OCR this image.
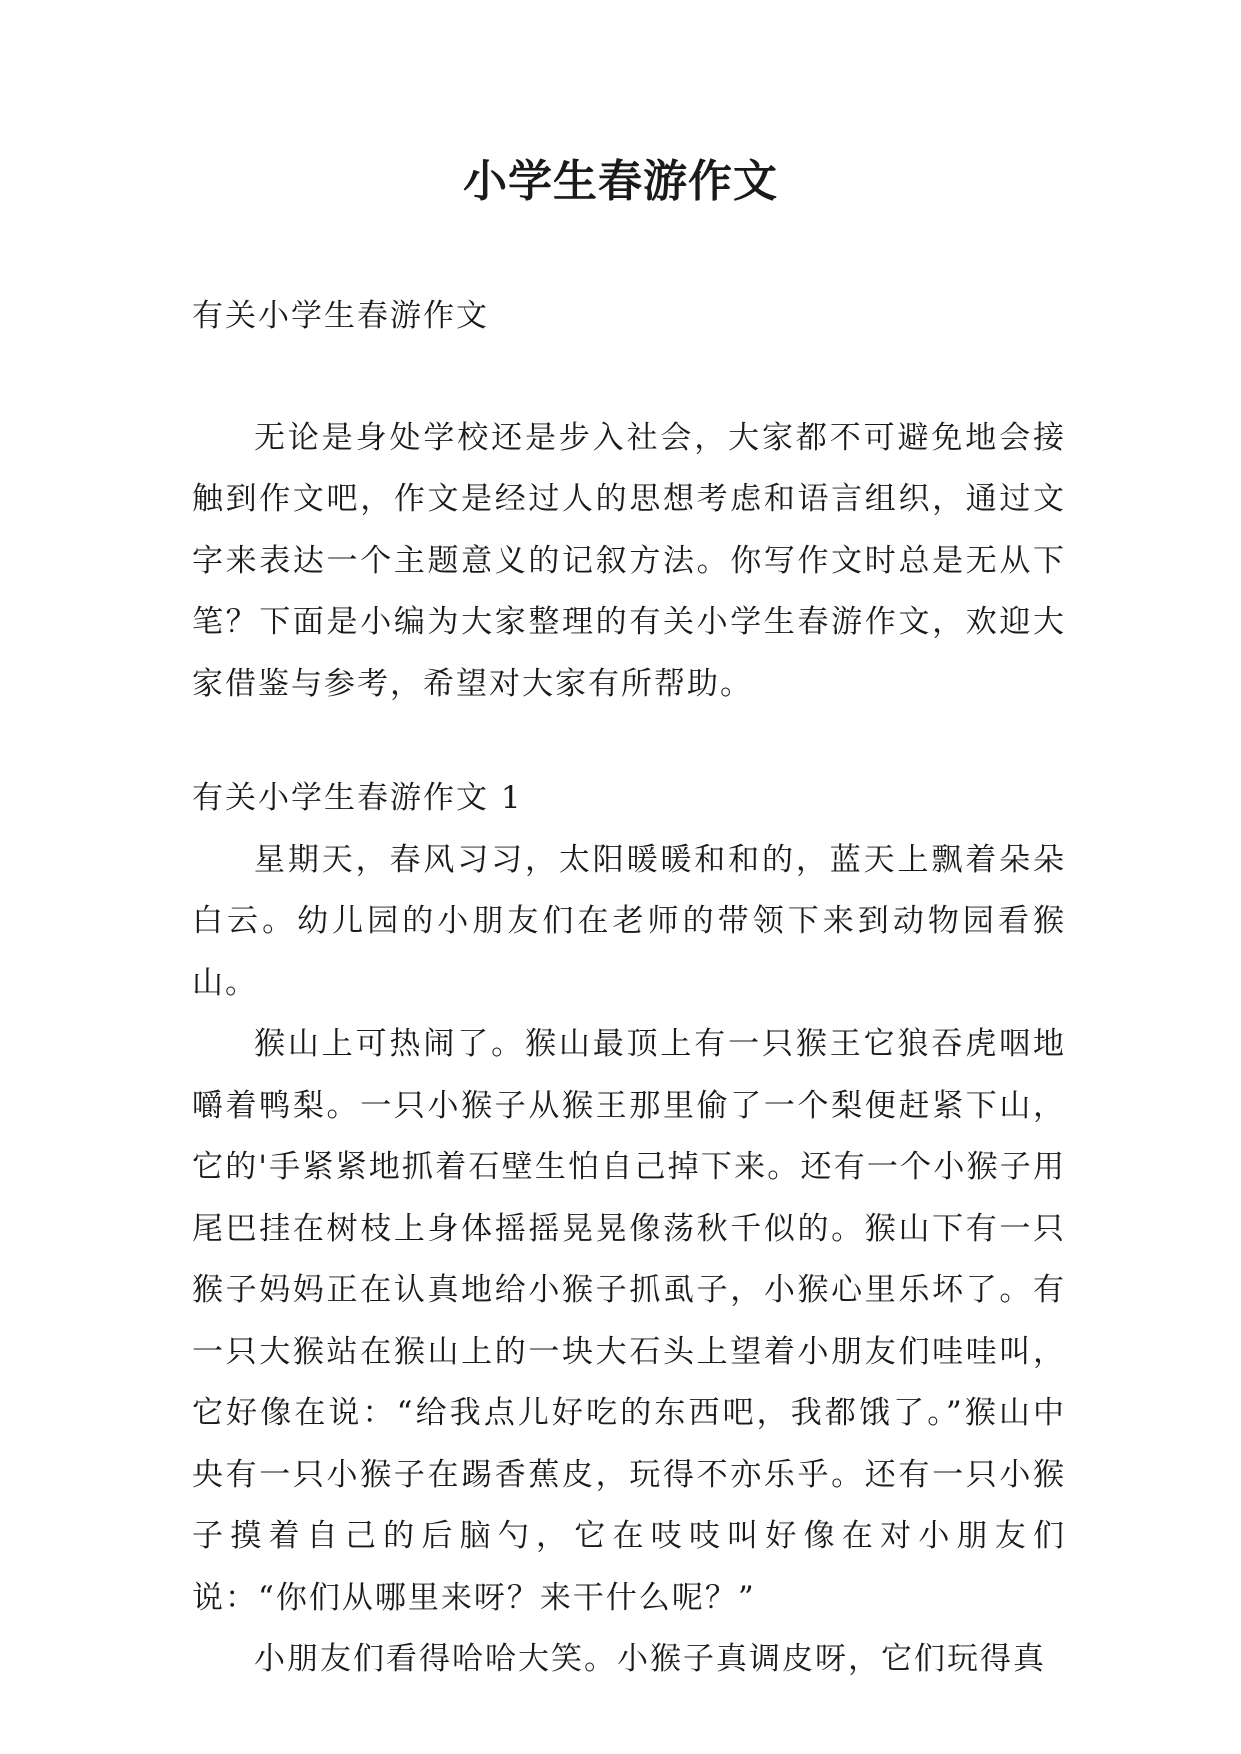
小学生春游作文

有关小学生春游作文

无论是身处学校还是步入社会，大家都不可避免地会接触到作文吧，作文是经过人的思想考虑和语言组织，通过文字来表达一个主题意义的记叙方法。你写作文时总是无从下笔？下面是小编为大家整理的有关小学生春游作文，欢迎大家借鉴与参考，希望对大家有所帮助。

有关小学生春游作文 1

星期天，春风习习，太阳暖暖和和的，蓝天上飘着朵朵白云。幼儿园的小朋友们在老师的带领下来到动物园看猴山。

猴山上可热闹了。猴山最顶上有一只猴王它狼吞虎咽地嚼着鸭梨。一只小猴子从猴王那里偷了一个梨便赶紧下山，它的'手紧紧地抓着石壁生怕自己掉下来。还有一个小猴子用尾巴挂在树枝上身体摇摇晃晃像荡秋千似的。猴山下有一只猴子妈妈正在认真地给小猴子抓虱子，小猴心里乐坏了。有一只大猴站在猴山上的一块大石头上望着小朋友们哇哇叫，它好像在说：“给我点儿好吃的东西吧，我都饿了。”猴山中央有一只小猴子在踢香蕉皮，玩得不亦乐乎。还有一只小猴子摸着自己的后脑勺，它在吱吱叫好像在对小朋友们说：“你们从哪里来呀？来干什么呢？”

小朋友们看得哈哈大笑。小猴子真调皮呀，它们玩得真
